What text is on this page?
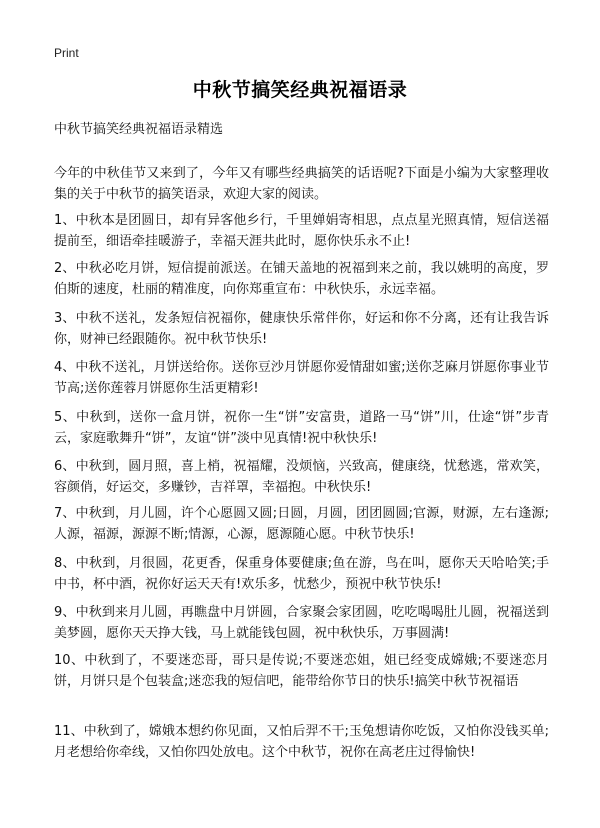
Print
中秋节搞笑经典祝福语录
中秋节搞笑经典祝福语录精选

今年的中秋佳节又来到了，今年又有哪些经典搞笑的话语呢?下面是小编为大家整理收集的关于中秋节的搞笑语录，欢迎大家的阅读。

1、中秋本是团圆日，却有异客他乡行，千里婵娟寄相思，点点星光照真情，短信送福提前至，细语牵挂暖游子，幸福天涯共此时，愿你快乐永不止!

2、中秋必吃月饼，短信提前派送。在铺天盖地的祝福到来之前，我以姚明的高度，罗伯斯的速度，杜丽的精准度，向你郑重宣布：中秋快乐，永远幸福。

3、中秋不送礼，发条短信祝福你，健康快乐常伴你，好运和你不分离，还有让我告诉你，财神已经跟随你。祝中秋节快乐!

4、中秋不送礼，月饼送给你。送你豆沙月饼愿你爱情甜如蜜;送你芝麻月饼愿你事业节节高;送你莲蓉月饼愿你生活更精彩!

5、中秋到，送你一盒月饼，祝你一生“饼”安富贵，道路一马“饼”川，仕途“饼”步青云，家庭歌舞升“饼”，友谊“饼”淡中见真情!祝中秋快乐!

6、中秋到，圆月照，喜上梢，祝福耀，没烦恼，兴致高，健康绕，忧愁逃，常欢笑，容颜俏，好运交，多赚钞，吉祥罩，幸福抱。中秋快乐!

7、中秋到，月儿圆，许个心愿圆又圆;日圆，月圆，团团圆圆;官源，财源，左右逢源;人源，福源，源源不断;情源，心源，愿源随心愿。中秋节快乐!

8、中秋到，月很圆，花更香，保重身体要健康;鱼在游，鸟在叫，愿你天天哈哈笑;手中书，杯中酒，祝你好运天天有!欢乐多，忧愁少，预祝中秋节快乐!

9、中秋到来月儿圆，再瞧盘中月饼圆，合家聚会家团圆，吃吃喝喝肚儿圆，祝福送到美梦圆，愿你天天挣大钱，马上就能钱包圆，祝中秋快乐，万事圆满!

10、中秋到了，不要迷恋哥，哥只是传说;不要迷恋姐，姐已经变成嫦娥;不要迷恋月饼，月饼只是个包装盒;迷恋我的短信吧，能带给你节日的快乐!搞笑中秋节祝福语

11、中秋到了，嫦娥本想约你见面，又怕后羿不干;玉兔想请你吃饭，又怕你没钱买单;月老想给你牵线，又怕你四处放电。这个中秋节，祝你在高老庄过得愉快!
